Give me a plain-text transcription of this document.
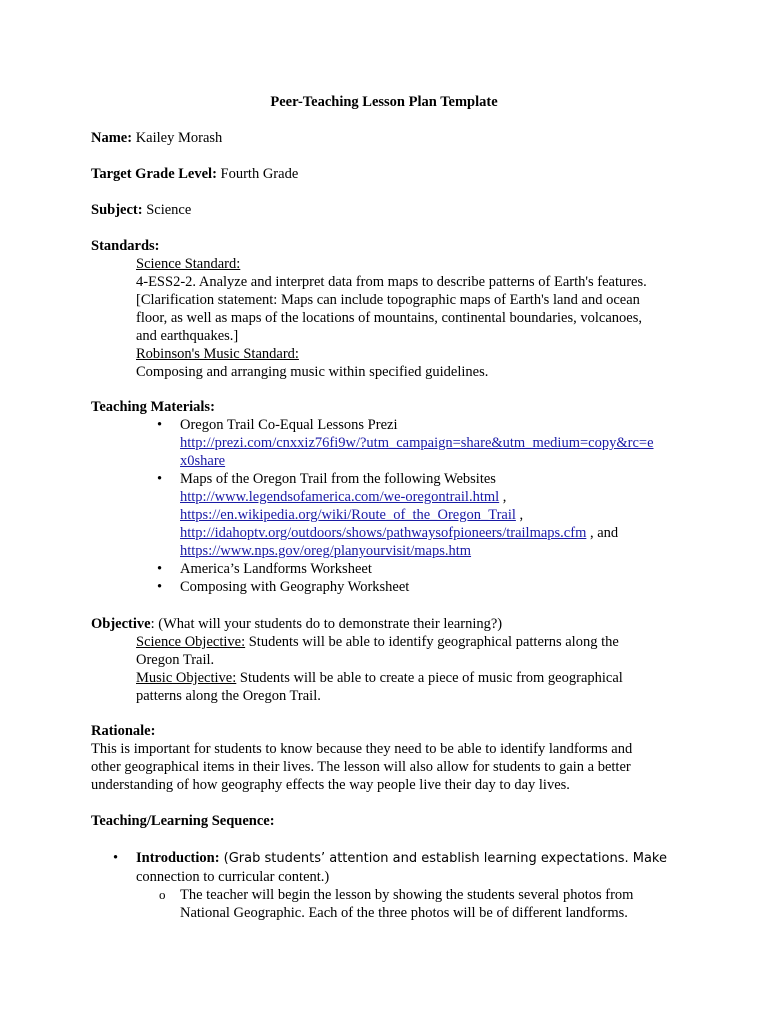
Peer-Teaching Lesson Plan Template
Name: Kailey Morash
Target Grade Level: Fourth Grade
Subject: Science
Standards:
Science Standard:
4-ESS2-2. Analyze and interpret data from maps to describe patterns of Earth's features.
[Clarification statement: Maps can include topographic maps of Earth's land and ocean
floor, as well as maps of the locations of mountains, continental boundaries, volcanoes,
and earthquakes.]
Robinson's Music Standard:
Composing and arranging music within specified guidelines.
Teaching Materials:
• Oregon Trail Co-Equal Lessons Prezi
http://prezi.com/cnxxiz76fi9w/?utm_campaign=share&utm_medium=copy&rc=e
x0share
• Maps of the Oregon Trail from the following Websites
http://www.legendsofamerica.com/we-oregontrail.html ,
https://en.wikipedia.org/wiki/Route_of_the_Oregon_Trail ,
http://idahoptv.org/outdoors/shows/pathwaysofpioneers/trailmaps.cfm , and
https://www.nps.gov/oreg/planyourvisit/maps.htm
• America’s Landforms Worksheet
• Composing with Geography Worksheet
Objective: (What will your students do to demonstrate their learning?)
Science Objective: Students will be able to identify geographical patterns along the
Oregon Trail.
Music Objective: Students will be able to create a piece of music from geographical
patterns along the Oregon Trail.
Rationale:
This is important for students to know because they need to be able to identify landforms and
other geographical items in their lives. The lesson will also allow for students to gain a better
understanding of how geography effects the way people live their day to day lives.
Teaching/Learning Sequence:
• Introduction: (Grab students’ attention and establish learning expectations. Make
connection to curricular content.)
o The teacher will begin the lesson by showing the students several photos from
National Geographic. Each of the three photos will be of different landforms.
